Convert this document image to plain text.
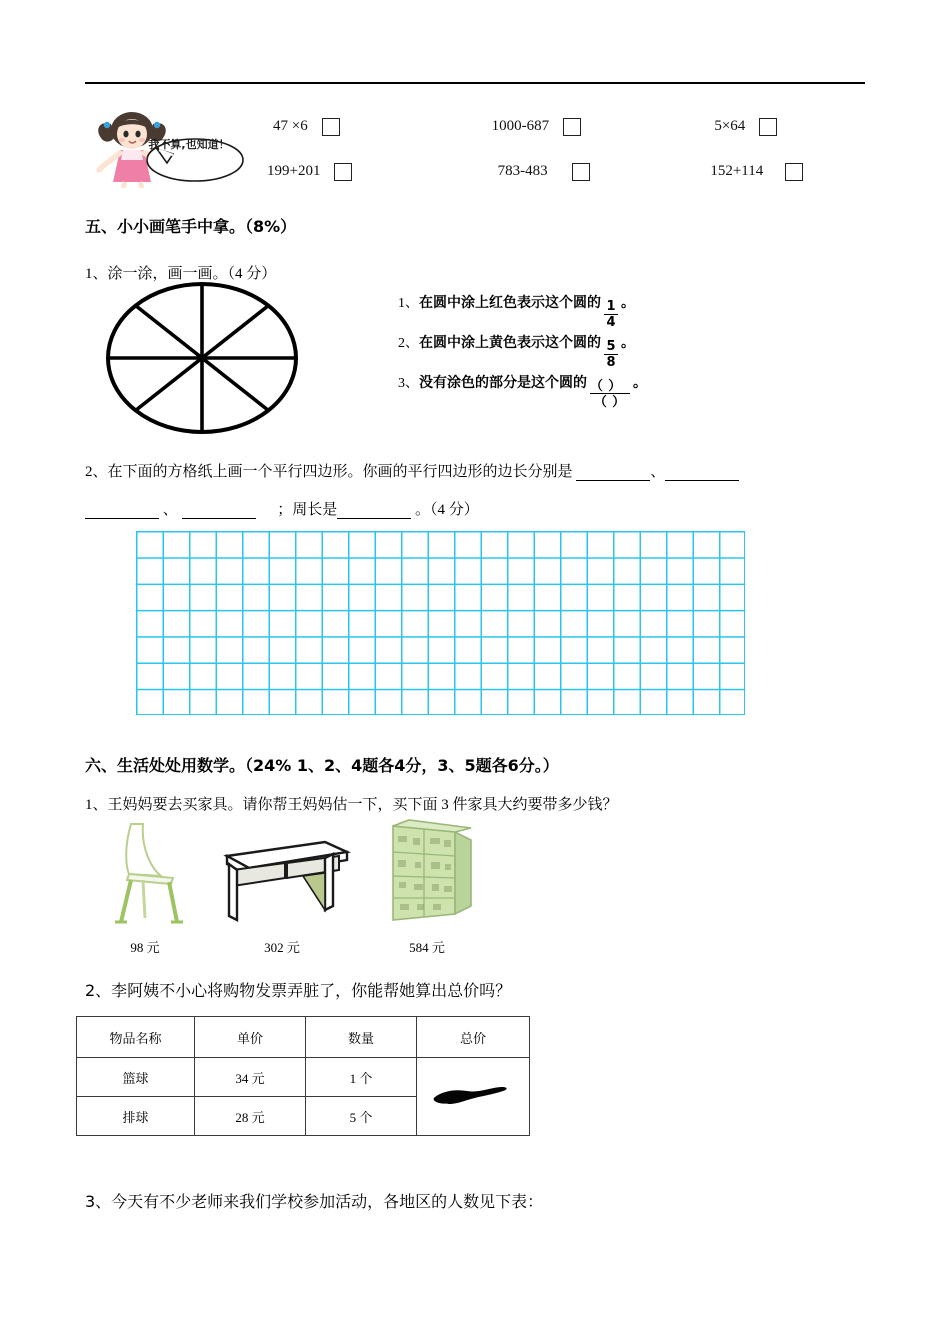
我不算,也知道！
47 ×6	1000-687	5×64
199+201	783-483	152+114
五、小小画笔手中拿。（8%）
1、涂一涂，画一画。（4 分）
1、 在圆中涂上红色表示这个圆的 $\frac{1}{4}$ 。
2、 在圆中涂上黄色表示这个圆的 $\frac{5}{8}$ 。
3、 没有涂色的部分是这个圆的 $\frac{( )}{( )}$ 。
2、在下面的方格纸上画一个平行四边形。你画的平行四边形的边长分别是	、
、	；周长是	。（4 分）
六、生活处处用数学。（24% 1、2、4题各4分，3、5题各6分。）
1、王妈妈要去买家具。请你帮王妈妈估一下，买下面 3 件家具大约要带多少钱？
98 元	302 元	584 元
2、李阿姨不小心将购物发票弄脏了，你能帮她算出总价吗？
物品名称	单价	数量	总价
篮球	34 元	1 个	

排球	28 元	5 个	
3、今天有不少老师来我们学校参加活动，各地区的人数见下表：
